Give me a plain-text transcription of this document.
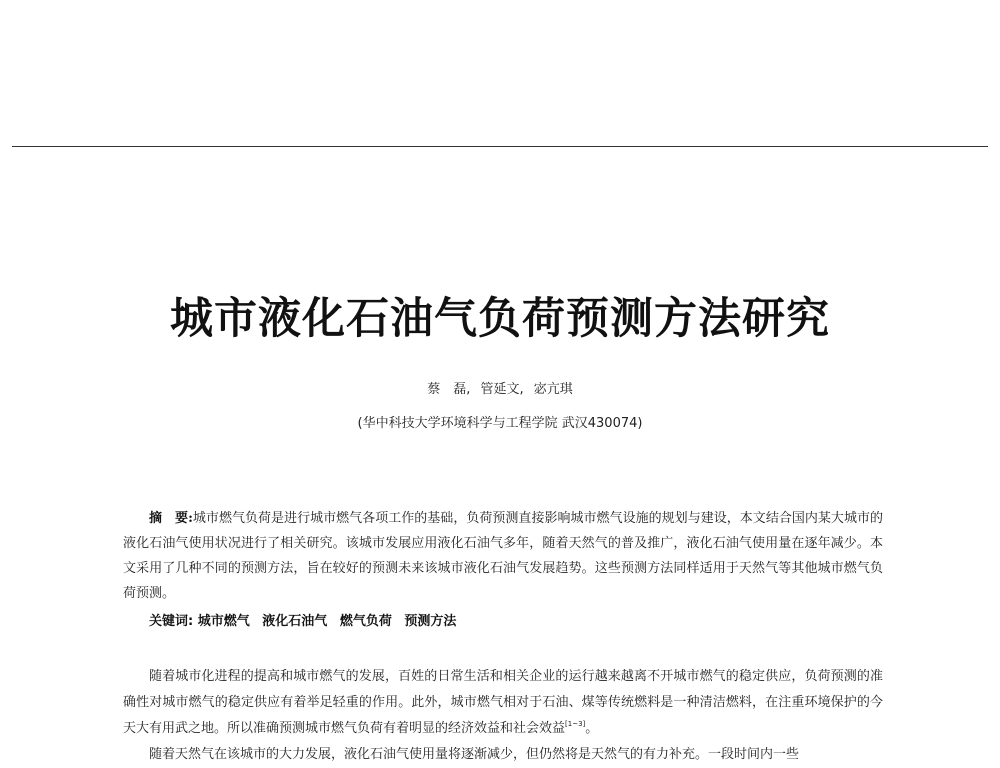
城市液化石油气负荷预测方法研究
蔡　磊, 管延文, 宓亢琪
(华中科技大学环境科学与工程学院 武汉430074)

摘　要:城市燃气负荷是进行城市燃气各项工作的基础，负荷预测直接影响城市燃气设施的规划与建设，本文结合国内某大城市的液化石油气使用状况进行了相关研究。该城市发展应用液化石油气多年，随着天然气的普及推广，液化石油气使用量在逐年减少。本文采用了几种不同的预测方法，旨在较好的预测未来该城市液化石油气发展趋势。这些预测方法同样适用于天然气等其他城市燃气负荷预测。

关键词: 城市燃气 液化石油气 燃气负荷 预测方法

随着城市化进程的提高和城市燃气的发展，百姓的日常生活和相关企业的运行越来越离不开城市燃气的稳定供应，负荷预测的准确性对城市燃气的稳定供应有着举足轻重的作用。此外，城市燃气相对于石油、煤等传统燃料是一种清洁燃料，在注重环境保护的今天大有用武之地。所以准确预测城市燃气负荷有着明显的经济效益和社会效益[1~3]。

随着天然气在该城市的大力发展，液化石油气使用量将逐渐减少，但仍然将是天然气的有力补充。一段时间内一些
